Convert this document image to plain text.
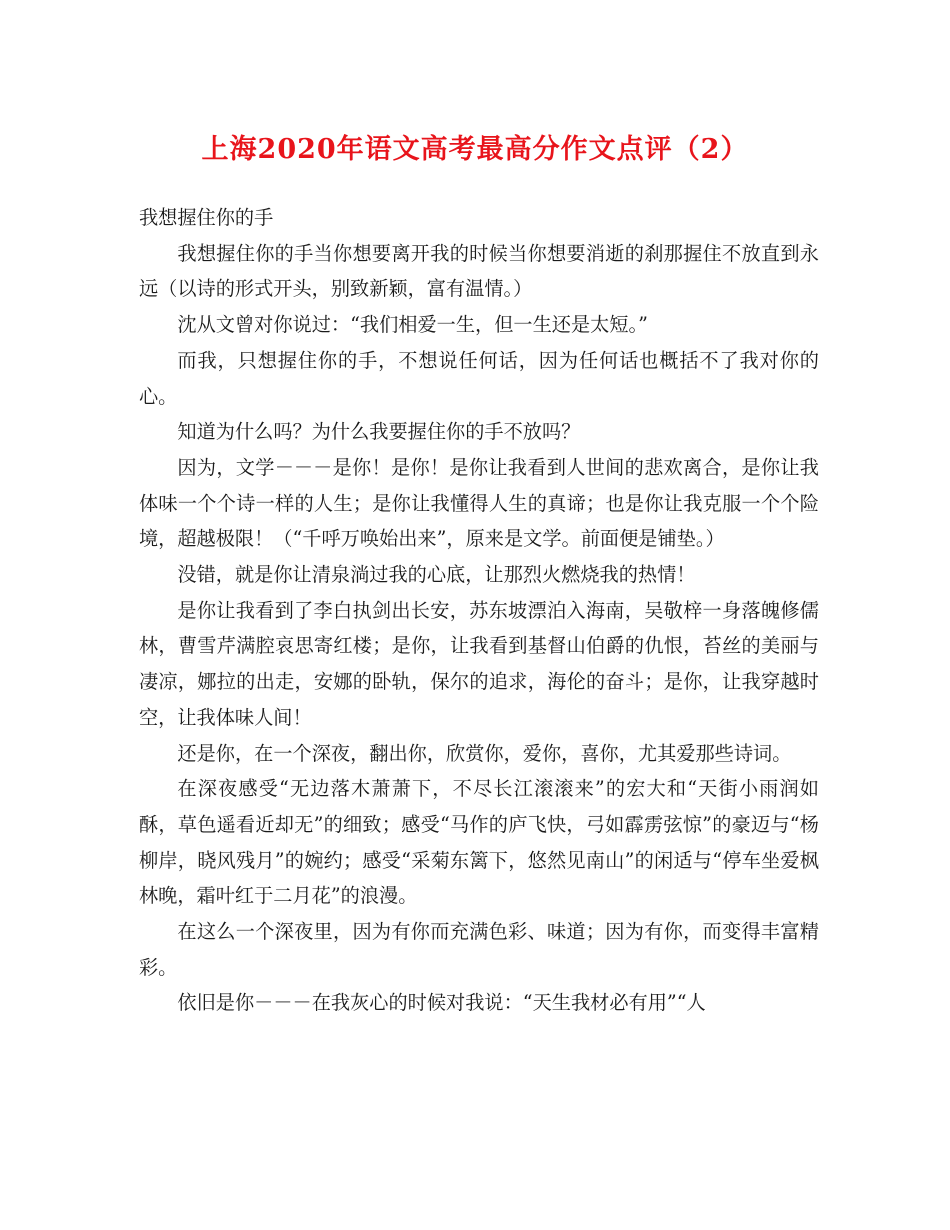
上海2020年语文高考最高分作文点评（2）

我想握住你的手

我想握住你的手当你想要离开我的时候当你想要消逝的刹那握住不放直到永远（以诗的形式开头，别致新颖，富有温情。）

沈从文曾对你说过：“我们相爱一生，但一生还是太短。”

而我，只想握住你的手，不想说任何话，因为任何话也概括不了我对你的心。

知道为什么吗？为什么我要握住你的手不放吗？

因为，文学－－－是你！是你！是你让我看到人世间的悲欢离合，是你让我体味一个个诗一样的人生；是你让我懂得人生的真谛；也是你让我克服一个个险境，超越极限！（“千呼万唤始出来”，原来是文学。前面便是铺垫。）

没错，就是你让清泉淌过我的心底，让那烈火燃烧我的热情！

是你让我看到了李白执剑出长安，苏东坡漂泊入海南，吴敬梓一身落魄修儒林，曹雪芹满腔哀思寄红楼；是你，让我看到基督山伯爵的仇恨，苔丝的美丽与凄凉，娜拉的出走，安娜的卧轨，保尔的追求，海伦的奋斗；是你，让我穿越时空，让我体味人间！

还是你，在一个深夜，翻出你，欣赏你，爱你，喜你，尤其爱那些诗词。

在深夜感受“无边落木萧萧下，不尽长江滚滚来”的宏大和“天街小雨润如酥，草色遥看近却无”的细致；感受“马作的庐飞快，弓如霹雳弦惊”的豪迈与“杨柳岸，晓风残月”的婉约；感受“采菊东篱下，悠然见南山”的闲适与“停车坐爱枫林晚，霜叶红于二月花”的浪漫。

在这么一个深夜里，因为有你而充满色彩、味道；因为有你，而变得丰富精彩。

依旧是你－－－在我灰心的时候对我说：“天生我材必有用”“人
